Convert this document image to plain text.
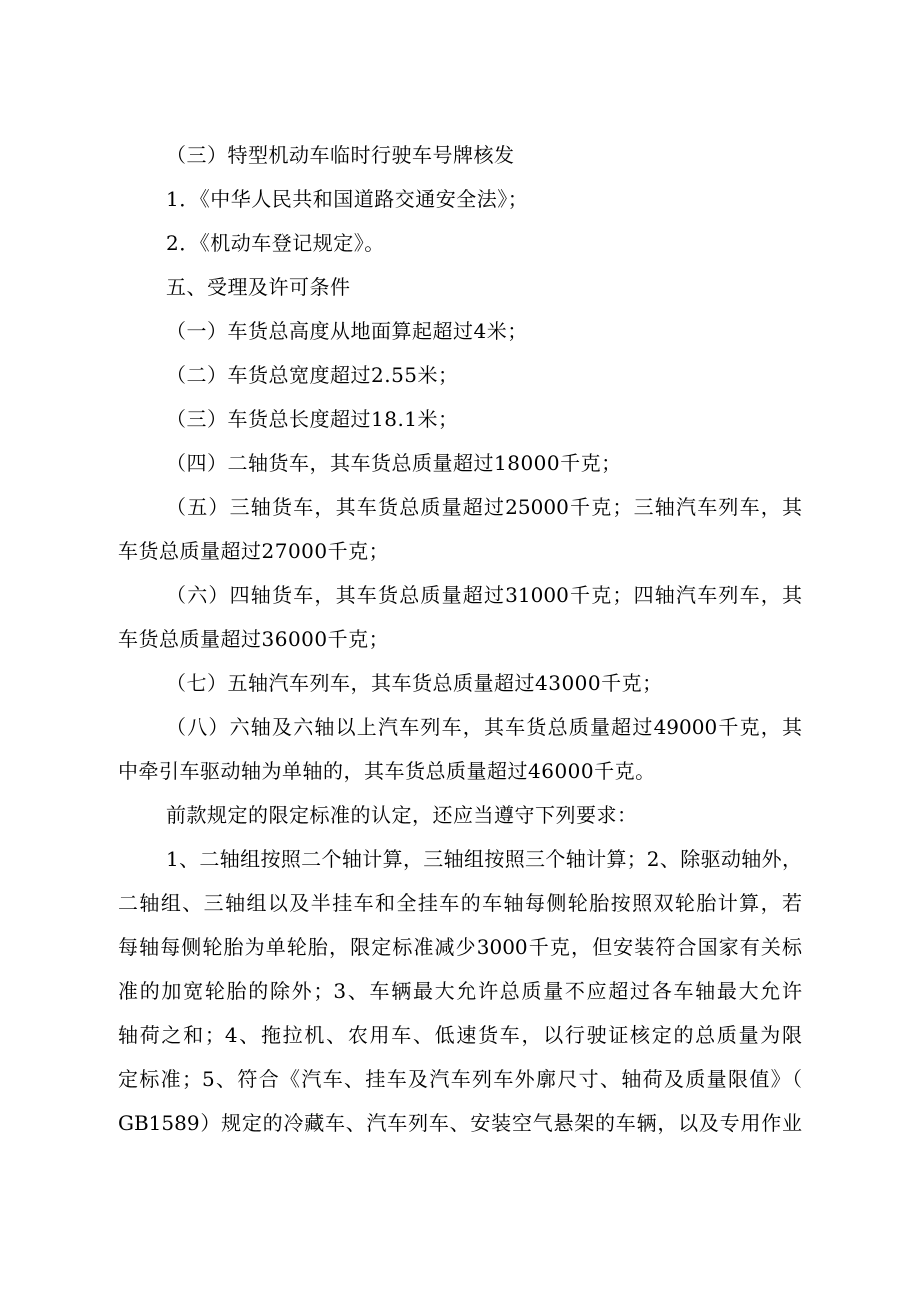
（三）特型机动车临时行驶车号牌核发
1．《中华人民共和国道路交通安全法》；
2．《机动车登记规定》。
五、受理及许可条件
（一）车货总高度从地面算起超过4米；
（二）车货总宽度超过2.55米；
（三）车货总长度超过18.1米；
（四）二轴货车，其车货总质量超过18000千克；
（五）三轴货车，其车货总质量超过25000千克；三轴汽车列车，其
车货总质量超过27000千克；
（六）四轴货车，其车货总质量超过31000千克；四轴汽车列车，其
车货总质量超过36000千克；
（七）五轴汽车列车，其车货总质量超过43000千克；
（八）六轴及六轴以上汽车列车，其车货总质量超过49000千克，其
中牵引车驱动轴为单轴的，其车货总质量超过46000千克。
前款规定的限定标准的认定，还应当遵守下列要求：
1、二轴组按照二个轴计算，三轴组按照三个轴计算；2、除驱动轴外，
二轴组、三轴组以及半挂车和全挂车的车轴每侧轮胎按照双轮胎计算，若
每轴每侧轮胎为单轮胎，限定标准减少3000千克，但安装符合国家有关标
准的加宽轮胎的除外；3、车辆最大允许总质量不应超过各车轴最大允许
轴荷之和；4、拖拉机、农用车、低速货车，以行驶证核定的总质量为限
定标准；5、符合《汽车、挂车及汽车列车外廓尺寸、轴荷及质量限值》（
GB1589）规定的冷藏车、汽车列车、安装空气悬架的车辆，以及专用作业
